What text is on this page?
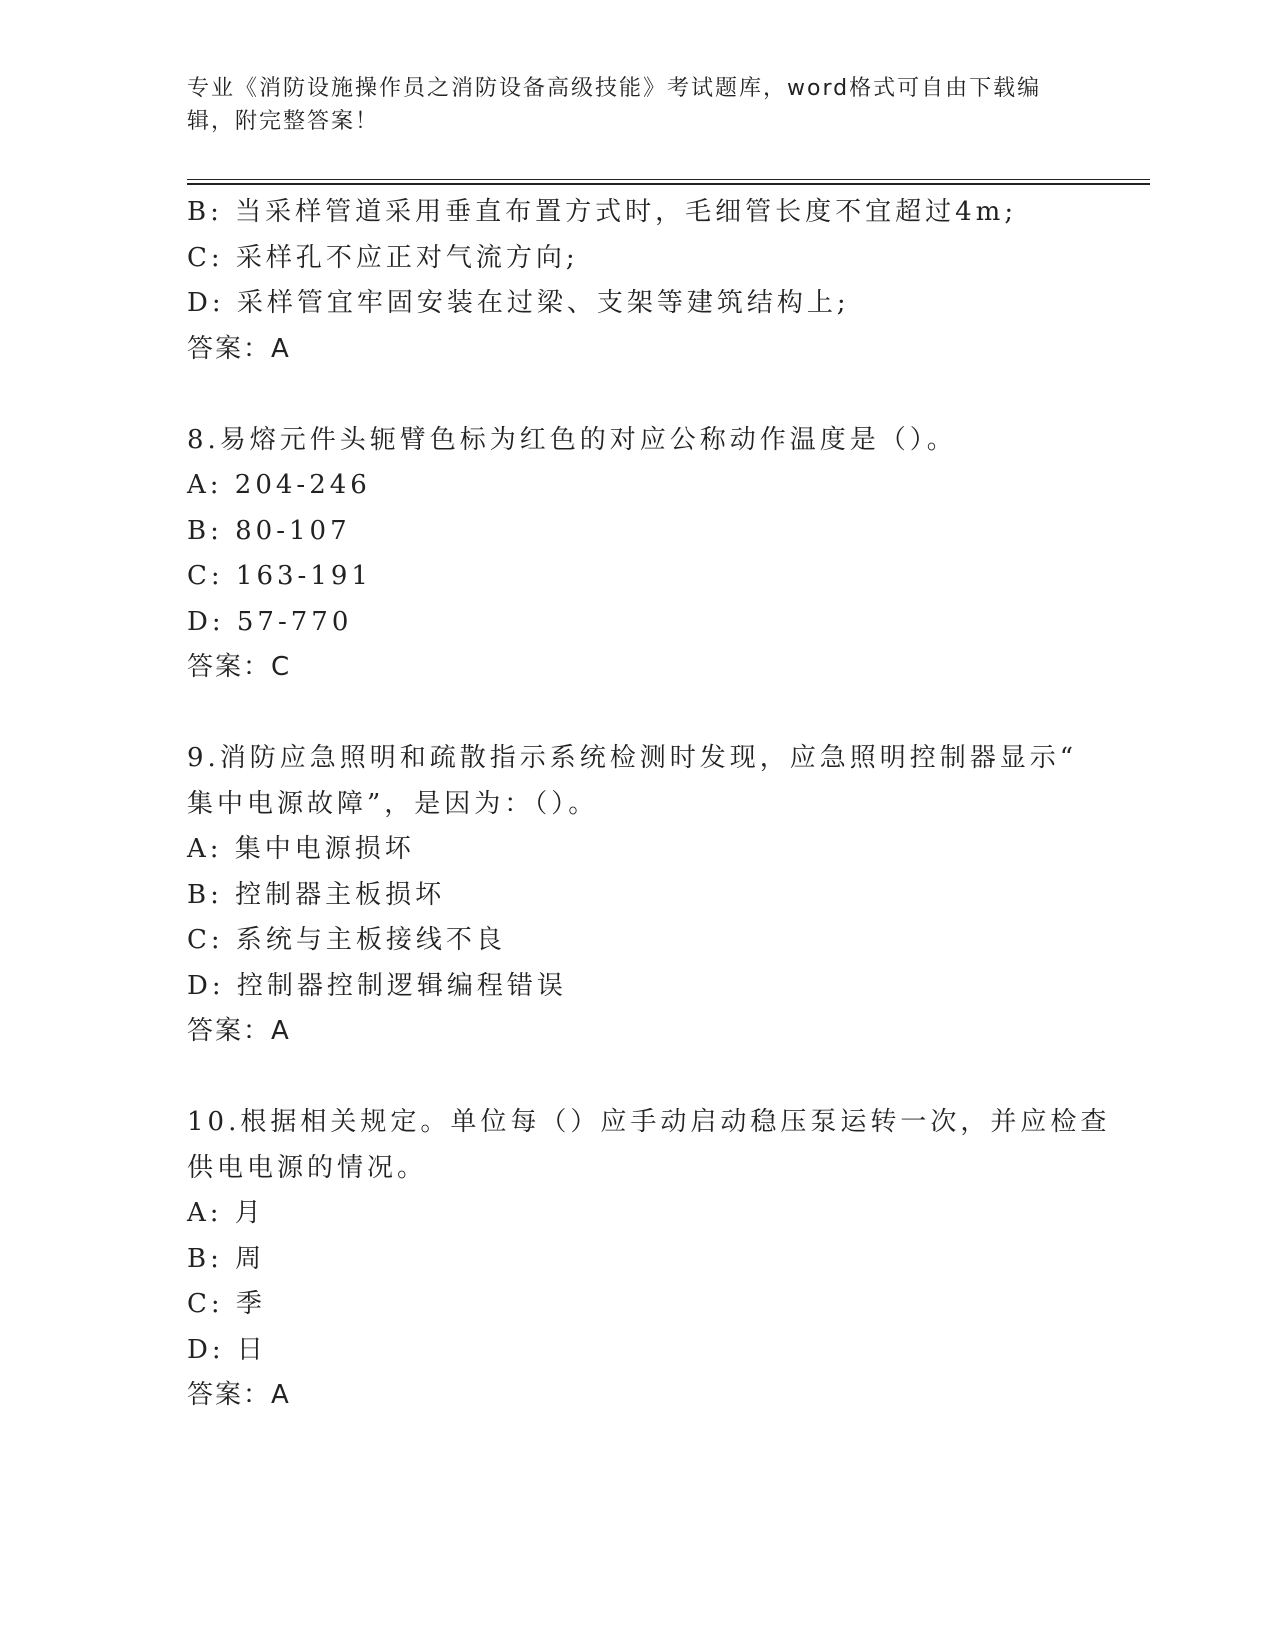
专业《消防设施操作员之消防设备高级技能》考试题库，word格式可自由下载编
辑，附完整答案！
B: 当采样管道采用垂直布置方式时，毛细管长度不宜超过4m;
C: 采样孔不应正对气流方向;
D: 采样管宜牢固安装在过梁、支架等建筑结构上;
答案：A
8.易熔元件头轭臂色标为红色的对应公称动作温度是（）。
A: 204-246
B: 80-107
C: 163-191
D: 57-770
答案：C
9.消防应急照明和疏散指示系统检测时发现，应急照明控制器显示“
集中电源故障”，是因为：（）。
A: 集中电源损坏
B: 控制器主板损坏
C: 系统与主板接线不良
D: 控制器控制逻辑编程错误
答案：A
10.根据相关规定。单位每（）应手动启动稳压泵运转一次，并应检查
供电电源的情况。
A: 月
B: 周
C: 季
D: 日
答案：A
